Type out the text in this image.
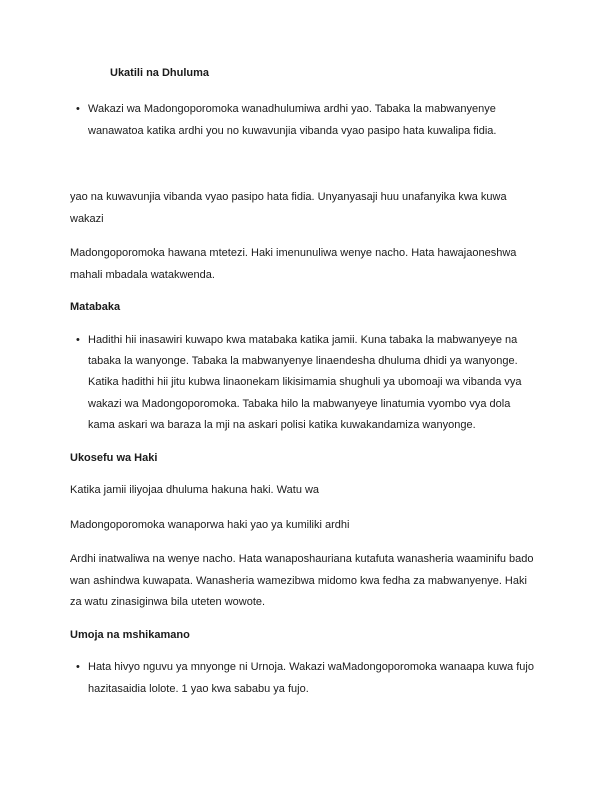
Ukatili na Dhuluma
• Wakazi wa Madongoporomoka wanadhulumiwa ardhi yao. Tabaka la mabwanyenye wanawatoa katika ardhi you no kuwavunjia vibanda vyao pasipo hata kuwalipa fidia.

yao na kuwavunjia vibanda vyao pasipo hata fidia. Unyanyasaji huu unafanyika kwa kuwa wakazi

Madongoporomoka hawana mtetezi. Haki imenunuliwa wenye nacho. Hata hawajaoneshwa mahali mbadala watakwenda.

Matabaka
• Hadithi hii inasawiri kuwapo kwa matabaka katika jamii. Kuna tabaka la mabwanyeye na tabaka la wanyonge. Tabaka la mabwanyenye linaendesha dhuluma dhidi ya wanyonge. Katika hadithi hii jitu kubwa linaonekam likisimamia shughuli ya ubomoaji wa vibanda vya wakazi wa Madongoporomoka. Tabaka hilo la mabwanyeye linatumia vyombo vya dola kama askari wa baraza la mji na askari polisi katika kuwakandamiza wanyonge.

Ukosefu wa Haki

Katika jamii iliyojaa dhuluma hakuna haki. Watu wa

Madongoporomoka wanaporwa haki yao ya kumiliki ardhi

Ardhi inatwaliwa na wenye nacho. Hata wanaposhauriana kutafuta wanasheria waaminifu bado wan ashindwa kuwapata. Wanasheria wamezibwa midomo kwa fedha za mabwanyenye. Haki za watu zinasiginwa bila uteten wowote.

Umoja na mshikamano
• Hata hivyo nguvu ya mnyonge ni Urnoja. Wakazi waMadongoporomoka wanaapa kuwa fujo hazitasaidia lolote. 1 yao kwa sababu ya fujo.
